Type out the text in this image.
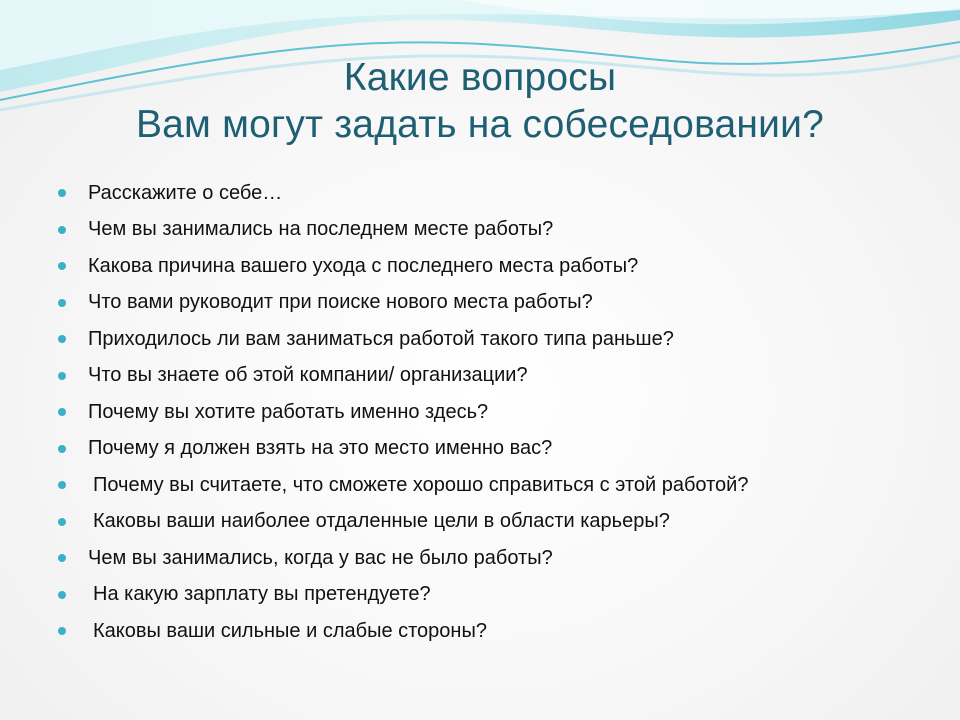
Какие вопросы
Вам могут задать на собеседовании?
Расскажите о себе…
Чем вы занимались на последнем месте работы?
Какова причина вашего ухода с последнего места работы?
Что вами руководит при поиске нового места работы?
Приходилось ли вам заниматься работой такого типа раньше?
Что вы знаете об этой компании/ организации?
Почему вы хотите работать именно здесь?
Почему я должен взять на это место именно вас?
Почему вы считаете, что сможете хорошо справиться с этой работой?
Каковы ваши наиболее отдаленные цели в области карьеры?
Чем вы занимались, когда у вас не было работы?
На какую зарплату вы претендуете?
Каковы ваши сильные и слабые стороны?
